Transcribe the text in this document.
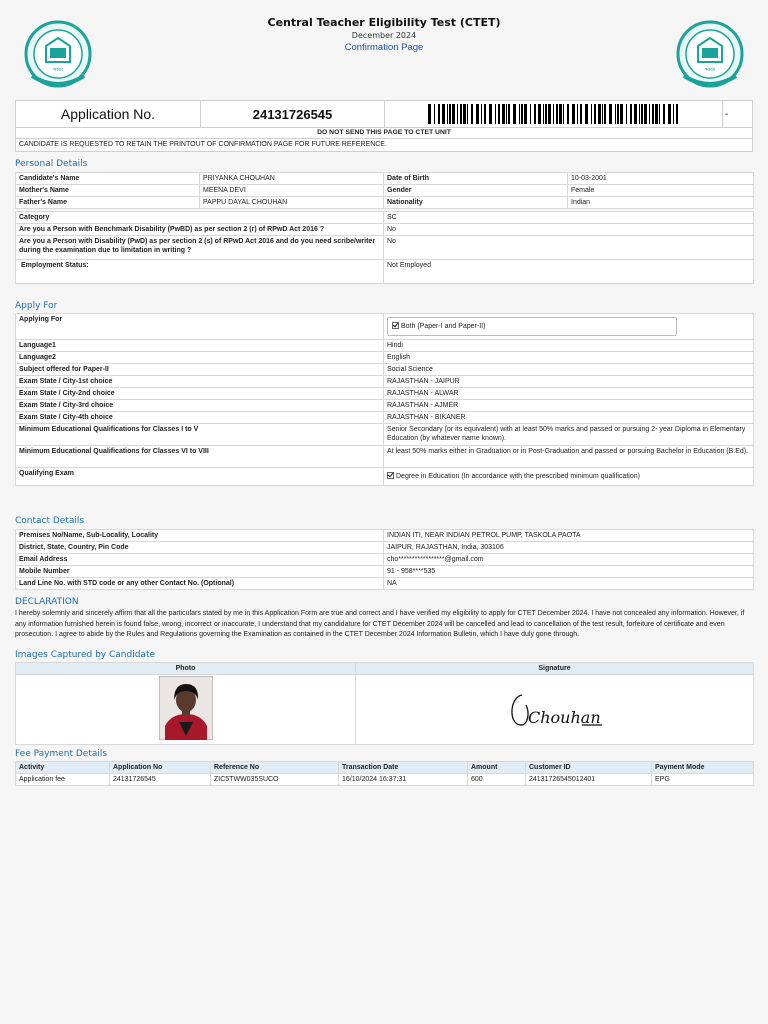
भारत
Central Teacher Eligibility Test (CTET)
December 2024
Confirmation Page
भारत
Application No.	24131726545	-
DO NOT SEND THIS PAGE TO CTET UNIT
CANDIDATE IS REQUESTED TO RETAIN THE PRINTOUT OF CONFIRMATION PAGE FOR FUTURE REFERENCE.
Personal Details
Candidate's Name	PRIYANKA CHOUHAN	Date of Birth	10-03-2001
Mother's Name	MEENA DEVI	Gender	Female
Father's Name	PAPPU DAYAL CHOUHAN	Nationality	Indian
Category	SC
Are you a Person with Benchmark Disability (PwBD) as per section 2 (r) of RPwD Act 2016 ?	No
Are you a Person with Disability (PwD) as per section 2 (s) of RPwD Act 2016 and do you need scribe/writer during the examination due to limitation in writing ?	No
Employment Status:	Not Employed
Apply For
Applying For	Both (Paper-I and Paper-II)
Language1	Hindi
Language2	English
Subject offered for Paper-II	Social Science
Exam State / City-1st choice	RAJASTHAN - JAIPUR
Exam State / City-2nd choice	RAJASTHAN - ALWAR
Exam State / City-3rd choice	RAJASTHAN - AJMER
Exam State / City-4th choice	RAJASTHAN - BIKANER
Minimum Educational Qualifications for Classes I to V	Senior Secondary (or its equivalent) with at least 50% marks and passed or pursuing 2- year Diploma in Elementary Education (by whatever name known).
Minimum Educational Qualifications for Classes VI to VIII	At least 50% marks either in Graduation or in Post-Graduation and passed or pursuing Bachelor in Education (B.Ed).
Qualifying Exam	Degree in Education (In accordance with the prescribed minimum qualification)
Contact Details
Premises No/Name, Sub-Locality, Locality	INDIAN ITI, NEAR INDIAN PETROL PUMP, TASKOLA PAOTA
District, State, Country, Pin Code	JAIPUR, RAJASTHAN, India, 303106
Email Address	cho*****************@gmail.com
Mobile Number	91 - 958****535
Land Line No. with STD code or any other Contact No. (Optional)	NA
DECLARATION
I hereby solemnly and sincerely affirm that all the particulars stated by me in this Application Form are true and correct and I have verified my eligibility to apply for CTET December 2024. I have not concealed any information. However, if any information furnished herein is found false, wrong, incorrect or inaccurate, I understand that my candidature for CTET December 2024 will be cancelled and lead to cancellation of the test result, forfeiture of certificate and even prosecution. I agree to abide by the Rules and Regulations governing the Examination as contained in the CTET December 2024 Information Bulletin, which I have duly gone through.
Images Captured by Candidate
Photo	Signature

Chouhan
Fee Payment Details
Activity	Application No	Reference No	Transaction Date	Amount	Customer ID	Payment Mode
Application fee	24131726545	ZIC5TWW035SUCO	16/10/2024 16:37:31	600	24131726545012401	EPG
